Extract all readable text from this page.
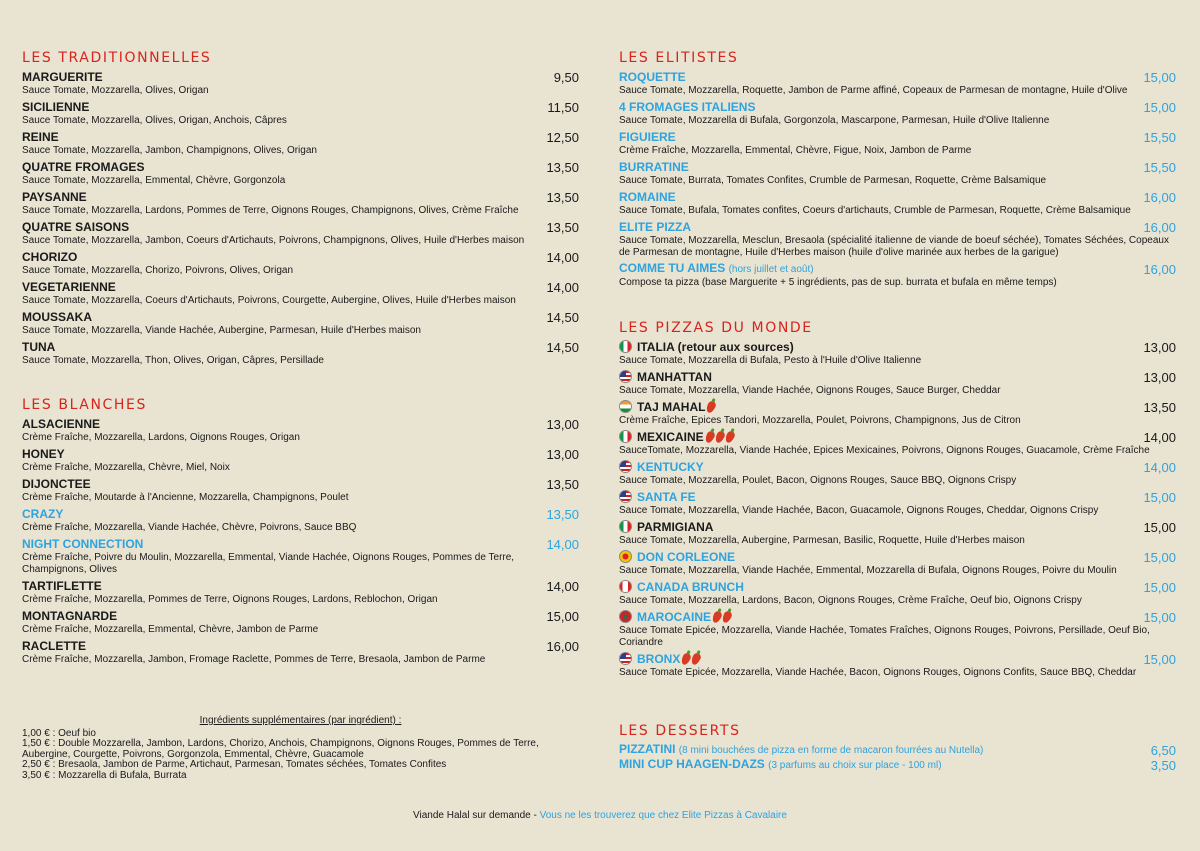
LES TRADITIONNELLES
MARGUERITE	9,50
Sauce Tomate, Mozzarella, Olives, Origan
SICILIENNE	11,50
Sauce Tomate, Mozzarella, Olives, Origan, Anchois, Câpres
REINE	12,50
Sauce Tomate, Mozzarella, Jambon, Champignons, Olives, Origan
QUATRE FROMAGES	13,50
Sauce Tomate, Mozzarella, Emmental, Chèvre, Gorgonzola
PAYSANNE	13,50
Sauce Tomate, Mozzarella, Lardons, Pommes de Terre, Oignons Rouges, Champignons, Olives, Crème Fraîche
QUATRE SAISONS	13,50
Sauce Tomate, Mozzarella, Jambon, Coeurs d'Artichauts, Poivrons, Champignons, Olives, Huile d'Herbes maison
CHORIZO	14,00
Sauce Tomate, Mozzarella, Chorizo, Poivrons, Olives, Origan
VEGETARIENNE	14,00
Sauce Tomate, Mozzarella, Coeurs d'Artichauts, Poivrons, Courgette, Aubergine, Olives, Huile d'Herbes maison
MOUSSAKA	14,50
Sauce Tomate, Mozzarella, Viande Hachée, Aubergine, Parmesan, Huile d'Herbes maison
TUNA	14,50
Sauce Tomate, Mozzarella, Thon, Olives, Origan, Câpres, Persillade
LES BLANCHES
ALSACIENNE	13,00
Crème Fraîche, Mozzarella, Lardons, Oignons Rouges, Origan
HONEY	13,00
Crème Fraîche, Mozzarella, Chèvre, Miel, Noix
DIJONCTEE	13,50
Crème Fraîche, Moutarde à l'Ancienne, Mozzarella, Champignons, Poulet
CRAZY	13,50
Crème Fraîche, Mozzarella, Viande Hachée, Chèvre, Poivrons, Sauce BBQ
NIGHT CONNECTION	14,00
Crème Fraîche, Poivre du Moulin, Mozzarella, Emmental, Viande Hachée, Oignons Rouges, Pommes de Terre, Champignons, Olives
TARTIFLETTE	14,00
Crème Fraîche, Mozzarella, Pommes de Terre, Oignons Rouges, Lardons, Reblochon, Origan
MONTAGNARDE	15,00
Crème Fraîche, Mozzarella, Emmental, Chèvre, Jambon de Parme
RACLETTE	16,00
Crème Fraîche, Mozzarella, Jambon, Fromage Raclette, Pommes de Terre, Bresaola, Jambon de Parme
Ingrédients supplémentaires (par ingrédient) :
1,00 € : Oeuf bio
1,50 € : Double Mozzarella, Jambon, Lardons, Chorizo, Anchois, Champignons, Oignons Rouges, Pommes de Terre, Aubergine, Courgette, Poivrons, Gorgonzola, Emmental, Chèvre, Guacamole
2,50 € : Bresaola, Jambon de Parme, Artichaut, Parmesan, Tomates séchées, Tomates Confites
3,50 € : Mozzarella di Bufala, Burrata
LES ELITISTES
ROQUETTE	15,00
Sauce Tomate, Mozzarella, Roquette, Jambon de Parme affiné, Copeaux de Parmesan de montagne, Huile d'Olive
4 FROMAGES ITALIENS	15,00
Sauce Tomate, Mozzarella di Bufala, Gorgonzola, Mascarpone, Parmesan, Huile d'Olive Italienne
FIGUIERE	15,50
Crème Fraîche, Mozzarella, Emmental, Chèvre, Figue, Noix, Jambon de Parme
BURRATINE	15,50
Sauce Tomate, Burrata, Tomates Confites, Crumble de Parmesan, Roquette, Crème Balsamique
ROMAINE	16,00
Sauce Tomate, Bufala, Tomates confites, Coeurs d'artichauts, Crumble de Parmesan, Roquette, Crème Balsamique
ELITE PIZZA	16,00
Sauce Tomate, Mozzarella, Mesclun, Bresaola (spécialité italienne de viande de boeuf séchée), Tomates Séchées, Copeaux de Parmesan de montagne, Huile d'Herbes maison (huile d'olive marinée aux herbes de la garigue)
COMME TU AIMES (hors juillet et août)	16,00
Compose ta pizza (base Marguerite + 5 ingrédients, pas de sup. burrata et bufala en même temps)
LES PIZZAS DU MONDE
ITALIA (retour aux sources)	13,00
Sauce Tomate, Mozzarella di Bufala, Pesto à l'Huile d'Olive Italienne
MANHATTAN	13,00
Sauce Tomate, Mozzarella, Viande Hachée, Oignons Rouges, Sauce Burger, Cheddar
TAJ MAHAL	13,50
Crème Fraîche, Epices Tandori, Mozzarella, Poulet, Poivrons, Champignons, Jus de Citron
MEXICAINE	14,00
SauceTomate, Mozzarella, Viande Hachée, Epices Mexicaines, Poivrons, Oignons Rouges, Guacamole, Crème Fraîche
KENTUCKY	14,00
Sauce Tomate, Mozzarella, Poulet, Bacon, Oignons Rouges, Sauce BBQ, Oignons Crispy
SANTA FE	15,00
Sauce Tomate, Mozzarella, Viande Hachée, Bacon, Guacamole, Oignons Rouges, Cheddar, Oignons Crispy
PARMIGIANA	15,00
Sauce Tomate, Mozzarella, Aubergine, Parmesan, Basilic, Roquette, Huile d'Herbes maison
DON CORLEONE	15,00
Sauce Tomate, Mozzarella, Viande Hachée, Emmental, Mozzarella di Bufala, Oignons Rouges, Poivre du Moulin
CANADA BRUNCH	15,00
Sauce Tomate, Mozzarella, Lardons, Bacon, Oignons Rouges, Crème Fraîche, Oeuf bio, Oignons Crispy
★MAROCAINE	15,00
Sauce Tomate Epicée, Mozzarella, Viande Hachée, Tomates Fraîches, Oignons Rouges, Poivrons, Persillade, Oeuf Bio, Coriandre
BRONX	15,00
Sauce Tomate Epicée, Mozzarella, Viande Hachée, Bacon, Oignons Rouges, Oignons Confits, Sauce BBQ, Cheddar
LES DESSERTS
PIZZATINI (8 mini bouchées de pizza en forme de macaron fourrées au Nutella)	6,50
MINI CUP HAAGEN-DAZS (3 parfums au choix sur place - 100 ml)	3,50
Viande Halal sur demande - Vous ne les trouverez que chez Elite Pizzas à Cavalaire
